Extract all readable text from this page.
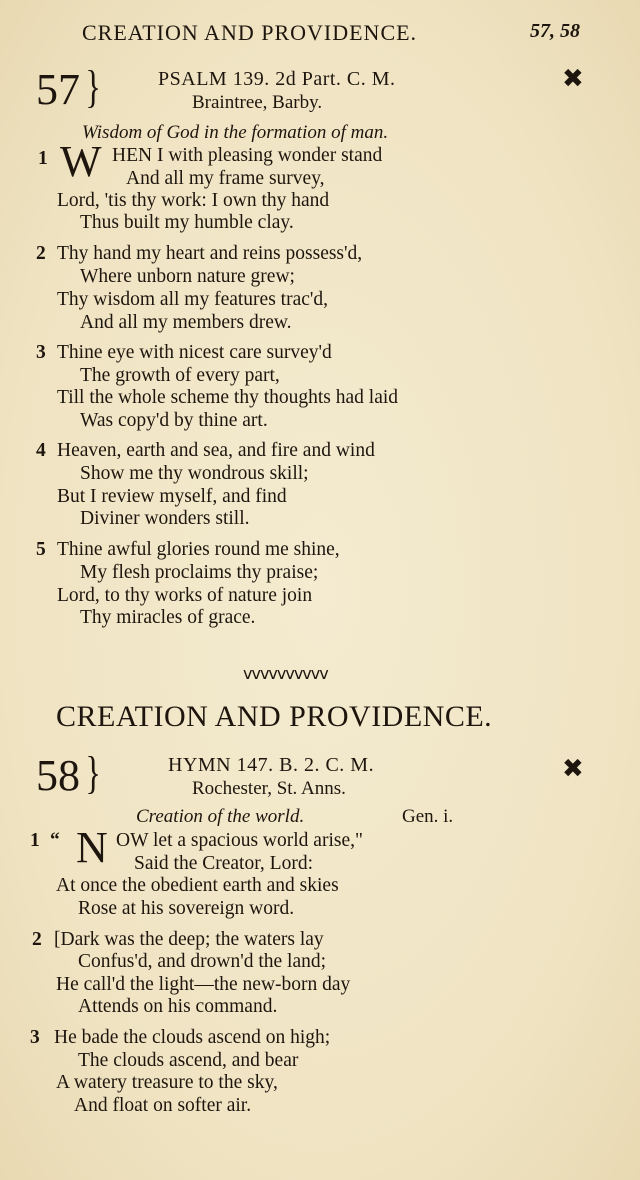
CREATION AND PROVIDENCE.	57, 58
57 }	PSALM 139. 2d Part. C. M.
Braintree, Barby.
✖
Wisdom of God in the formation of man.
1 W HEN I with pleasing wonder stand
And all my frame survey,
Lord, 'tis thy work: I own thy hand
Thus built my humble clay.
2 Thy hand my heart and reins possess'd,
Where unborn nature grew;
Thy wisdom all my features trac'd,
And all my members drew.
3 Thine eye with nicest care survey'd
The growth of every part,
Till the whole scheme thy thoughts had laid
Was copy'd by thine art.
4 Heaven, earth and sea, and fire and wind
Show me thy wondrous skill;
But I review myself, and find
Diviner wonders still.
5 Thine awful glories round me shine,
My flesh proclaims thy praise;
Lord, to thy works of nature join
Thy miracles of grace.
vvvvvvvvvv
CREATION AND PROVIDENCE.
58 }	HYMN 147. B. 2. C. M.
Rochester, St. Anns.
✖
Creation of the world.	Gen. i.
1 “ N OW let a spacious world arise,"
Said the Creator, Lord:
At once the obedient earth and skies
Rose at his sovereign word.
2 [Dark was the deep; the waters lay
Confus'd, and drown'd the land;
He call'd the light—the new-born day
Attends on his command.
3 He bade the clouds ascend on high;
The clouds ascend, and bear
A watery treasure to the sky,
And float on softer air.
